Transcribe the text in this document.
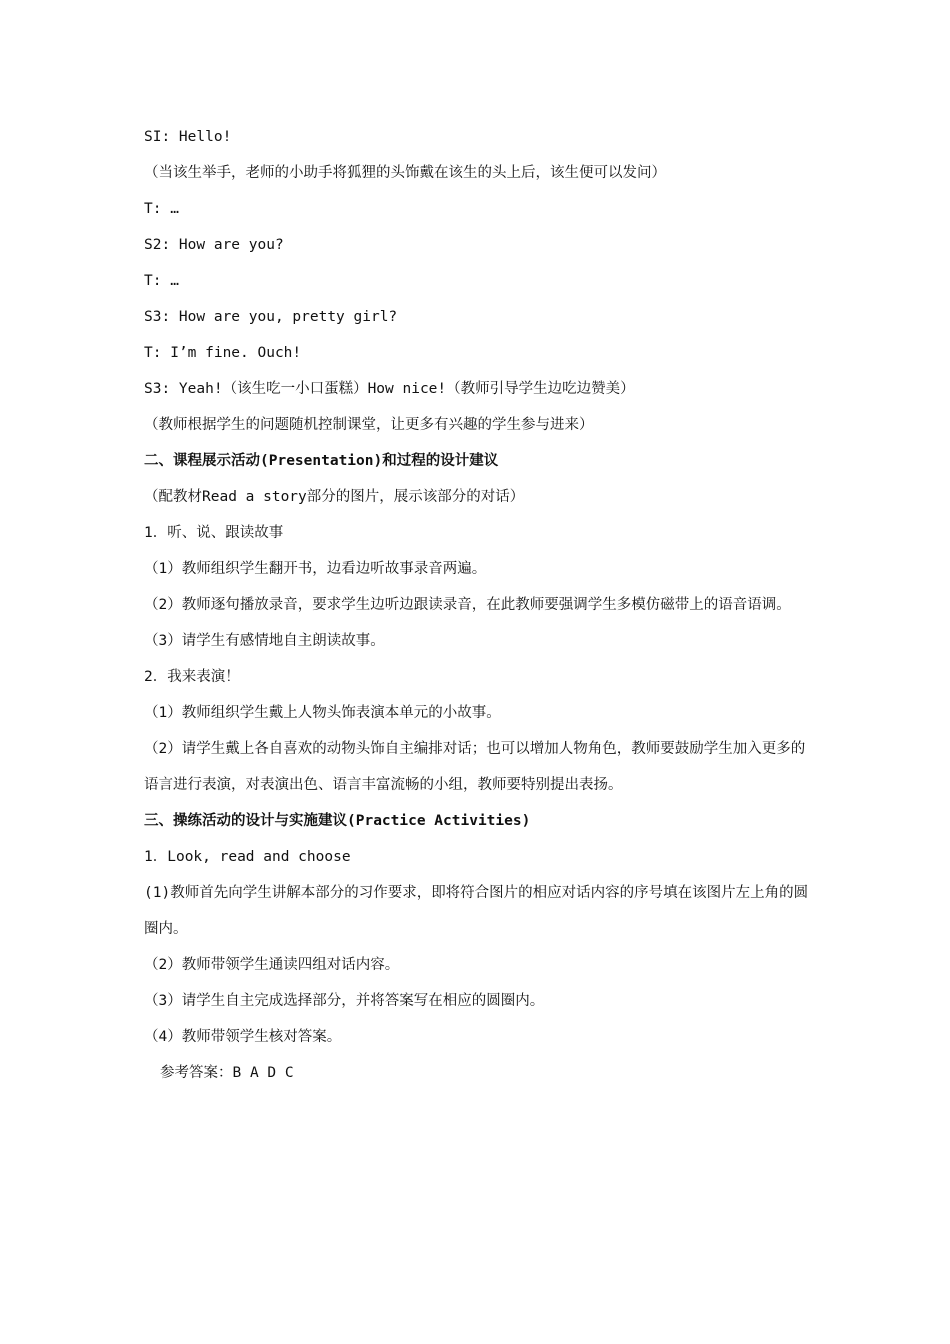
SI: Hello!
（当该生举手，老师的小助手将狐狸的头饰戴在该生的头上后，该生便可以发问）
T: …
S2: How are you?
T: …
S3: How are you, pretty girl?
T: I’m fine. Ouch!
S3: Yeah!（该生吃一小口蛋糕）How nice!（教师引导学生边吃边赞美）
（教师根据学生的问题随机控制课堂，让更多有兴趣的学生参与进来）
二、课程展示活动(Presentation)和过程的设计建议
（配教材Read a story部分的图片，展示该部分的对话）
1．听、说、跟读故事
（1）教师组织学生翻开书，边看边听故事录音两遍。
（2）教师逐句播放录音，要求学生边听边跟读录音，在此教师要强调学生多模仿磁带上的语音语调。
（3）请学生有感情地自主朗读故事。
2．我来表演！
（1）教师组织学生戴上人物头饰表演本单元的小故事。
（2）请学生戴上各自喜欢的动物头饰自主编排对话；也可以增加人物角色，教师要鼓励学生加入更多的语言进行表演，对表演出色、语言丰富流畅的小组，教师要特别提出表扬。
三、操练活动的设计与实施建议(Practice Activities)
1．Look, read and choose
(1)教师首先向学生讲解本部分的习作要求，即将符合图片的相应对话内容的序号填在该图片左上角的圆圈内。
（2）教师带领学生通读四组对话内容。
（3）请学生自主完成选择部分，并将答案写在相应的圆圈内。
（4）教师带领学生核对答案。
参考答案：B A D C
